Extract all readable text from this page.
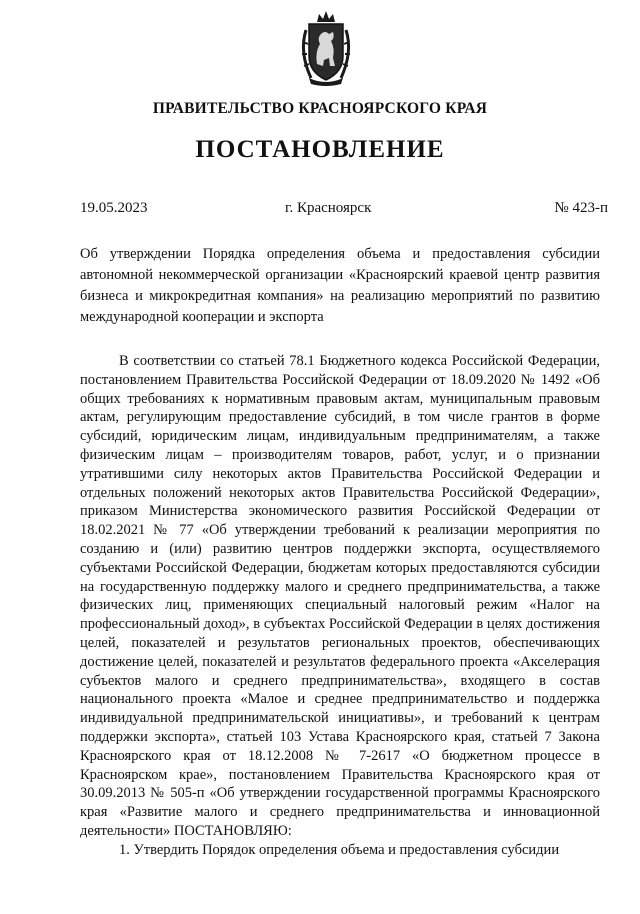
ПРАВИТЕЛЬСТВО КРАСНОЯРСКОГО КРАЯ
ПОСТАНОВЛЕНИЕ
19.05.2023	г. Красноярск	№ 423-п
Об утверждении Порядка определения объема и предоставления субсидии автономной некоммерческой организации «Красноярский краевой центр развития бизнеса и микрокредитная компания» на реализацию мероприятий по развитию международной кооперации и экспорта

В соответствии со статьей 78.1 Бюджетного кодекса Российской Федерации, постановлением Правительства Российской Федерации от 18.09.2020 № 1492 «Об общих требованиях к нормативным правовым актам, муниципальным правовым актам, регулирующим предоставление субсидий, в том числе грантов в форме субсидий, юридическим лицам, индивидуальным предпринимателям, а также физическим лицам – производителям товаров, работ, услуг, и о признании утратившими силу некоторых актов Правительства Российской Федерации и отдельных положений некоторых актов Правительства Российской Федерации», приказом Министерства экономического развития Российской Федерации от 18.02.2021 № 77 «Об утверждении требований к реализации мероприятия по созданию и (или) развитию центров поддержки экспорта, осуществляемого субъектами Российской Федерации, бюджетам которых предоставляются субсидии на государственную поддержку малого и среднего предпринимательства, а также физических лиц, применяющих специальный налоговый режим «Налог на профессиональный доход», в субъектах Российской Федерации в целях достижения целей, показателей и результатов региональных проектов, обеспечивающих достижение целей, показателей и результатов федерального проекта «Акселерация субъектов малого и среднего предпринимательства», входящего в состав национального проекта «Малое и среднее предпринимательство и поддержка индивидуальной предпринимательской инициативы», и требований к центрам поддержки экспорта», статьей 103 Устава Красноярского края, статьей 7 Закона Красноярского края от 18.12.2008 № 7-2617 «О бюджетном процессе в Красноярском крае», постановлением Правительства Красноярского края от 30.09.2013 № 505-п «Об утверждении государственной программы Красноярского края «Развитие малого и среднего предпринимательства и инновационной деятельности» ПОСТАНОВЛЯЮ:

1. Утвердить Порядок определения объема и предоставления субсидии
